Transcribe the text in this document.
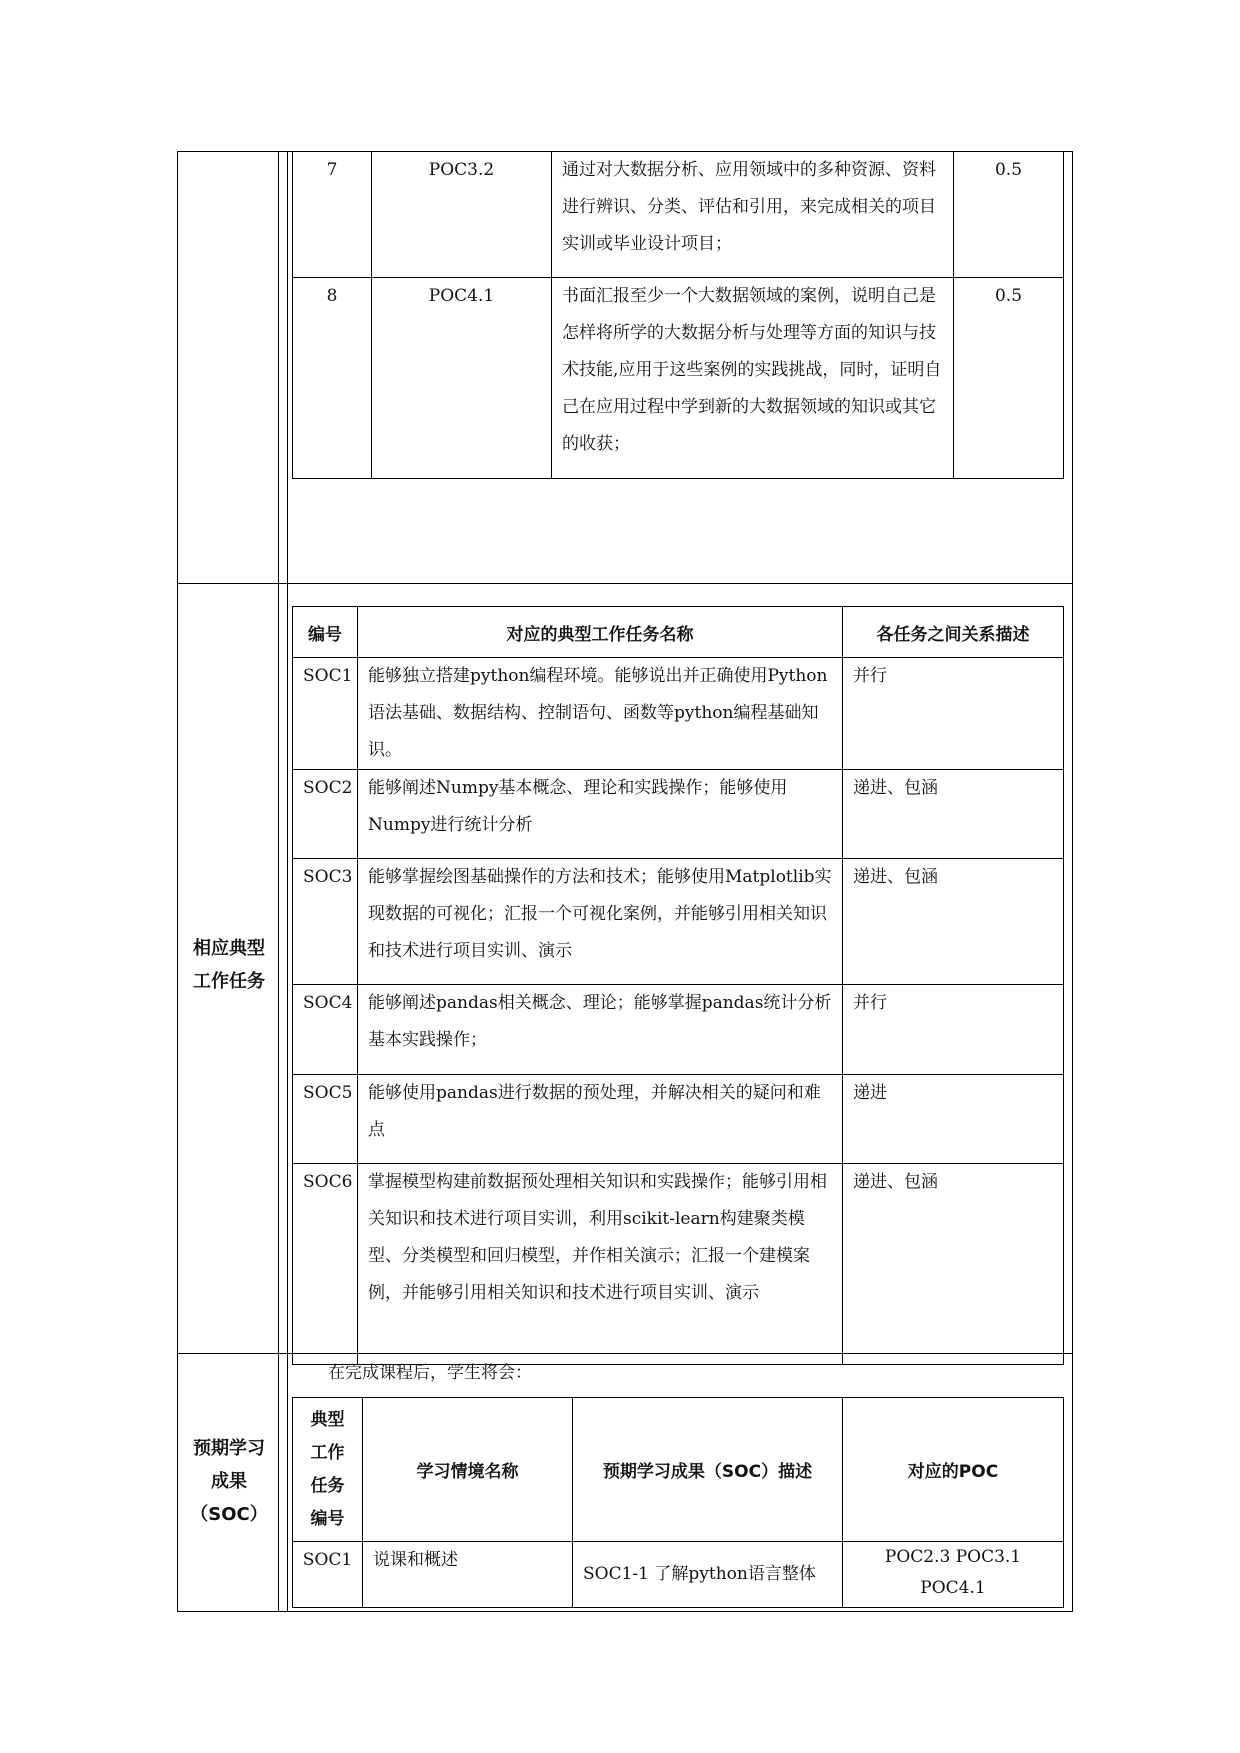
相应典型
工作任务
预期学习
成果
（SOC）
7	POC3.2	通过对大数据分析、应用领域中的多种资源、资料进行辨识、分类、评估和引用，来完成相关的项目实训或毕业设计项目；	0.5
8	POC4.1	书面汇报至少一个大数据领域的案例，说明自己是怎样将所学的大数据分析与处理等方面的知识与技术技能,应用于这些案例的实践挑战，同时，证明自己在应用过程中学到新的大数据领域的知识或其它的收获；	0.5
编号	对应的典型工作任务名称	各任务之间关系描述
SOC1	能够独立搭建python编程环境。能够说出并正确使用Python语法基础、数据结构、控制语句、函数等python编程基础知识。	并行
SOC2	能够阐述Numpy基本概念、理论和实践操作；能够使用Numpy进行统计分析	递进、包涵
SOC3	能够掌握绘图基础操作的方法和技术；能够使用Matplotlib实现数据的可视化；汇报一个可视化案例，并能够引用相关知识和技术进行项目实训、演示	递进、包涵
SOC4	能够阐述pandas相关概念、理论；能够掌握pandas统计分析基本实践操作；	并行
SOC5	能够使用pandas进行数据的预处理，并解决相关的疑问和难点	递进
SOC6	掌握模型构建前数据预处理相关知识和实践操作；能够引用相关知识和技术进行项目实训，利用scikit-learn构建聚类模型、分类模型和回归模型，并作相关演示；汇报一个建模案例，并能够引用相关知识和技术进行项目实训、演示	递进、包涵
在完成课程后，学生将会：
典型工作任务编号	学习情境名称	预期学习成果（SOC）描述	对应的POC
SOC1	说课和概述	SOC1-1 了解python语言整体	POC2.3 POC3.1
POC4.1
